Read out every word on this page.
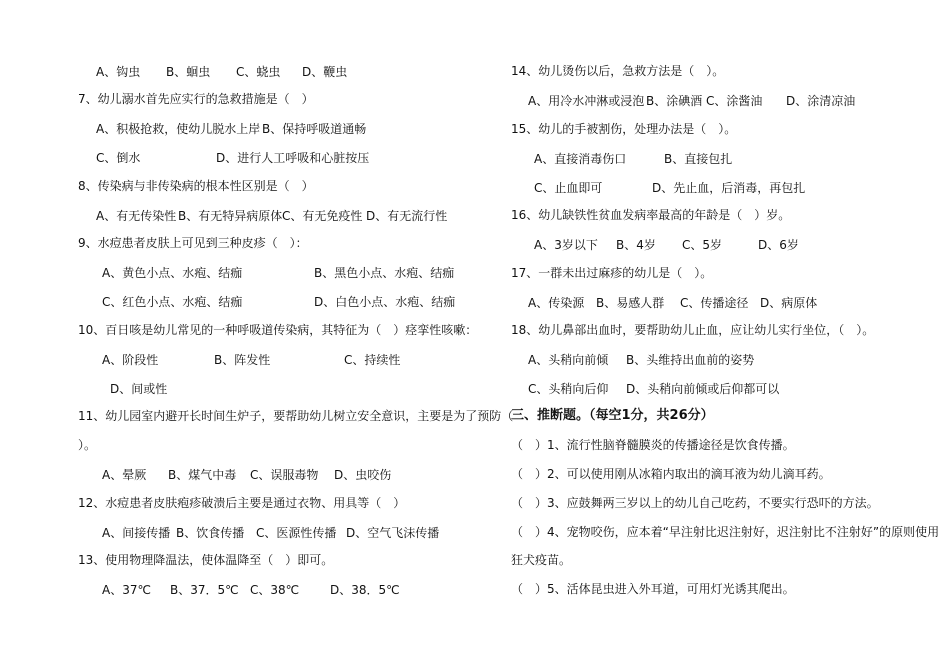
A、钩虫 B、蛔虫 C、蛲虫 D、鞭虫
7、幼儿溺水首先应实行的急救措施是（　）
A、积极抢救，使幼儿脱水上岸 B、保持呼吸道通畅
C、倒水	D、进行人工呼吸和心脏按压
8、传染病与非传染病的根本性区别是（　）
A、有无传染性 B、有无特异病原体 C、有无免疫性 D、有无流行性
9、水痘患者皮肤上可见到三种皮疹（　）：
A、黄色小点、水疱、结痂	B、黑色小点、水疱、结痂
C、红色小点、水疱、结痂	D、白色小点、水疱、结痂
10、百日咳是幼儿常见的一种呼吸道传染病，其特征为（　）痉挛性咳嗽：
A、阶段性	B、阵发性	C、持续性
D、间或性
11、幼儿园室内避开长时间生炉子，要帮助幼儿树立安全意识，主要是为了预防（
）。
A、晕厥 B、煤气中毒 C、误服毒物 D、虫咬伤
12、水痘患者皮肤疱疹破溃后主要是通过衣物、用具等（　）
A、间接传播 B、饮食传播 C、医源性传播 D、空气飞沫传播
13、使用物理降温法，使体温降至（　）即可。
A、37℃ B、37．5℃ C、38℃	D、38．5℃
14、幼儿烫伤以后，急救方法是（　）。
A、用冷水冲淋或浸泡 B、涂碘酒 C、涂酱油 D、涂清凉油
15、幼儿的手被割伤，处理办法是（　）。
A、直接消毒伤口	B、直接包扎
C、止血即可	D、先止血，后消毒，再包扎
16、幼儿缺铁性贫血发病率最高的年龄是（　）岁。
A、3岁以下 B、4岁 C、5岁	D、6岁
17、一群未出过麻疹的幼儿是（　）。
A、传染源 B、易感人群 C、传播途径 D、病原体
18、幼儿鼻部出血时，要帮助幼儿止血，应让幼儿实行坐位，（　）。
A、头稍向前倾 B、头维持出血前的姿势
C、头稍向后仰 D、头稍向前倾或后仰都可以
三、推断题。（每空1分，共26分）
（　）1、流行性脑脊髓膜炎的传播途径是饮食传播。
（　）2、可以使用刚从冰箱内取出的滴耳液为幼儿滴耳药。
（　）3、应鼓舞两三岁以上的幼儿自己吃药，不要实行恐吓的方法。
（　）4、宠物咬伤，应本着“早注射比迟注射好，迟注射比不注射好”的原则使用
狂犬疫苗。
（　）5、活体昆虫进入外耳道，可用灯光诱其爬出。
